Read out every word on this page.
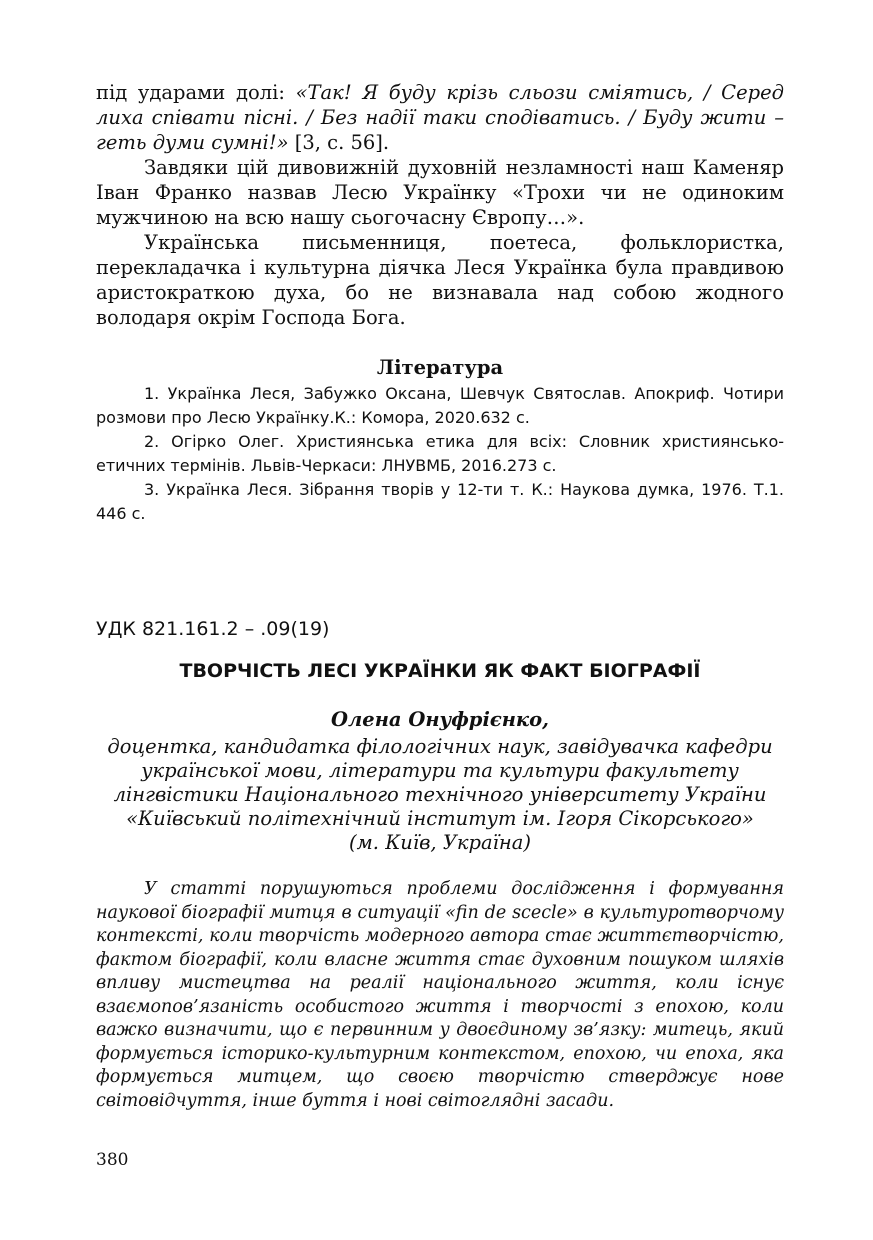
під ударами долі: «Так! Я буду крізь сльози сміятись, / Серед лиха співати пісні. / Без надії таки сподіватись. / Буду жити – геть думи сумні!» [3, с. 56].

Завдяки цій дивовижній духовній незламності наш Каменяр Іван Франко назвав Лесю Українку «Трохи чи не одиноким мужчиною на всю нашу сьогочасну Європу…».

Українська письменниця, поетеса, фольклористка, перекладачка і культурна діячка Леся Українка була правдивою аристократкою духа, бо не визнавала над собою жодного володаря окрім Господа Бога.

Література

1. Українка Леся, Забужко Оксана, Шевчук Святослав. Апокриф. Чотири розмови про Лесю Українку.К.: Комора, 2020.632 с.

2. Огірко Олег. Християнська етика для всіх: Словник християнсько-етичних термінів. Львів-Черкаси: ЛНУВМБ, 2016.273 с.

3. Українка Леся. Зібрання творів у 12-ти т. К.: Наукова думка, 1976. Т.1. 446 с.

УДК 821.161.2 – .09(19)

ТВОРЧІСТЬ ЛЕСІ УКРАЇНКИ ЯК ФАКТ БІОГРАФІЇ

Олена Онуфрієнко,

доцентка, кандидатка філологічних наук, завідувачка кафедри
української мови, літератури та культури факультету
лінгвістики Національного технічного університету України
«Київський політехнічний інститут ім. Ігоря Сікорського»
(м. Київ, Україна)

У статті порушуються проблеми дослідження і формування наукової біографії митця в ситуації «fin de scecle» в культуротворчому контексті, коли творчість модерного автора стає життєтворчістю, фактом біографії, коли власне життя стає духовним пошуком шляхів впливу мистецтва на реалії національного життя, коли існує взаємопов’язаність особистого життя і творчості з епохою, коли важко визначити, що є первинним у двоєдиному зв’язку: митець, який формується історико-культурним контекстом, епохою, чи епоха, яка формується митцем, що своєю творчістю стверджує нове світовідчуття, інше буття і нові світоглядні засади.

380
